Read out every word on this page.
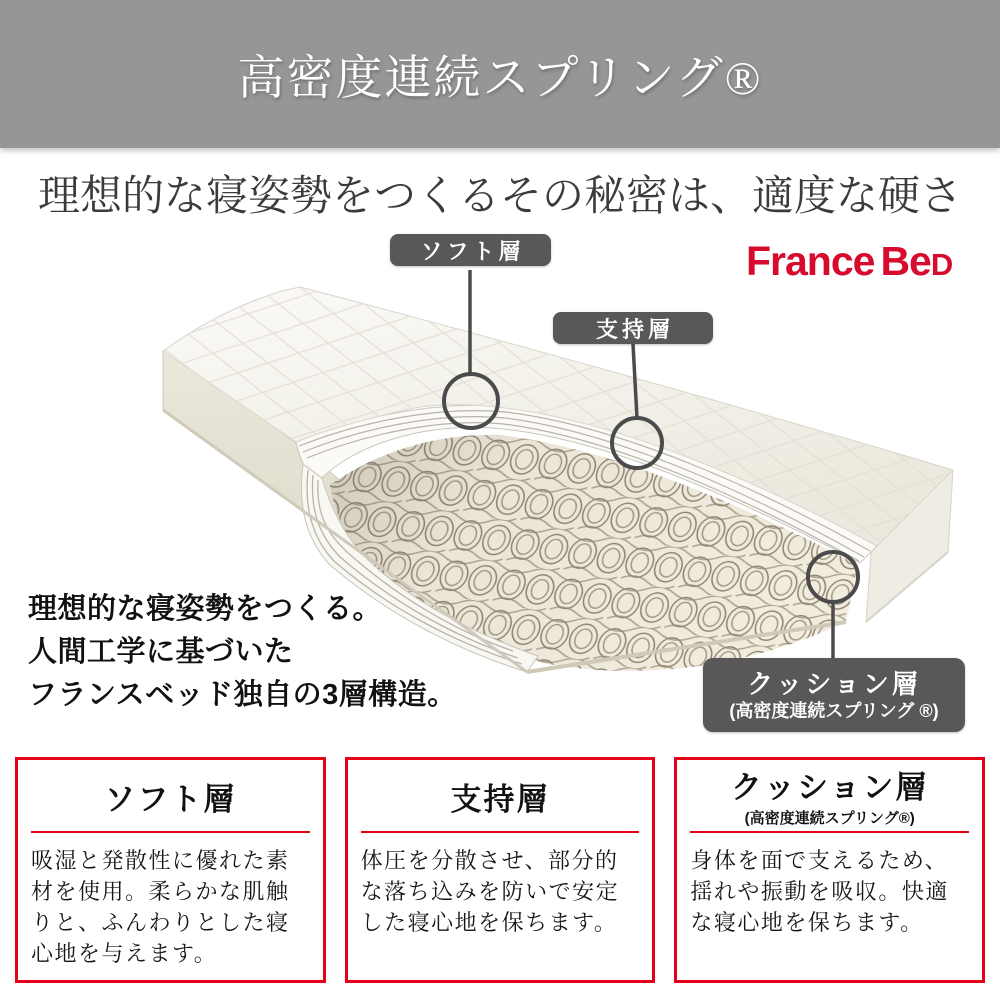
高密度連続スプリング®
理想的な寝姿勢をつくるその秘密は、適度な硬さ
ソフト層
支持層
クッション層
(高密度連続スプリング ®)
France BeD
理想的な寝姿勢をつくる。
人間工学に基づいた
フランスベッド独自の3層構造。
ソフト層
吸湿と発散性に優れた素材を使用。柔らかな肌触りと、ふんわりとした寝心地を与えます。
支持層
体圧を分散させ、部分的な落ち込みを防いで安定した寝心地を保ちます。
クッション層
(高密度連続スプリング®)
身体を面で支えるため、揺れや振動を吸収。快適な寝心地を保ちます。
